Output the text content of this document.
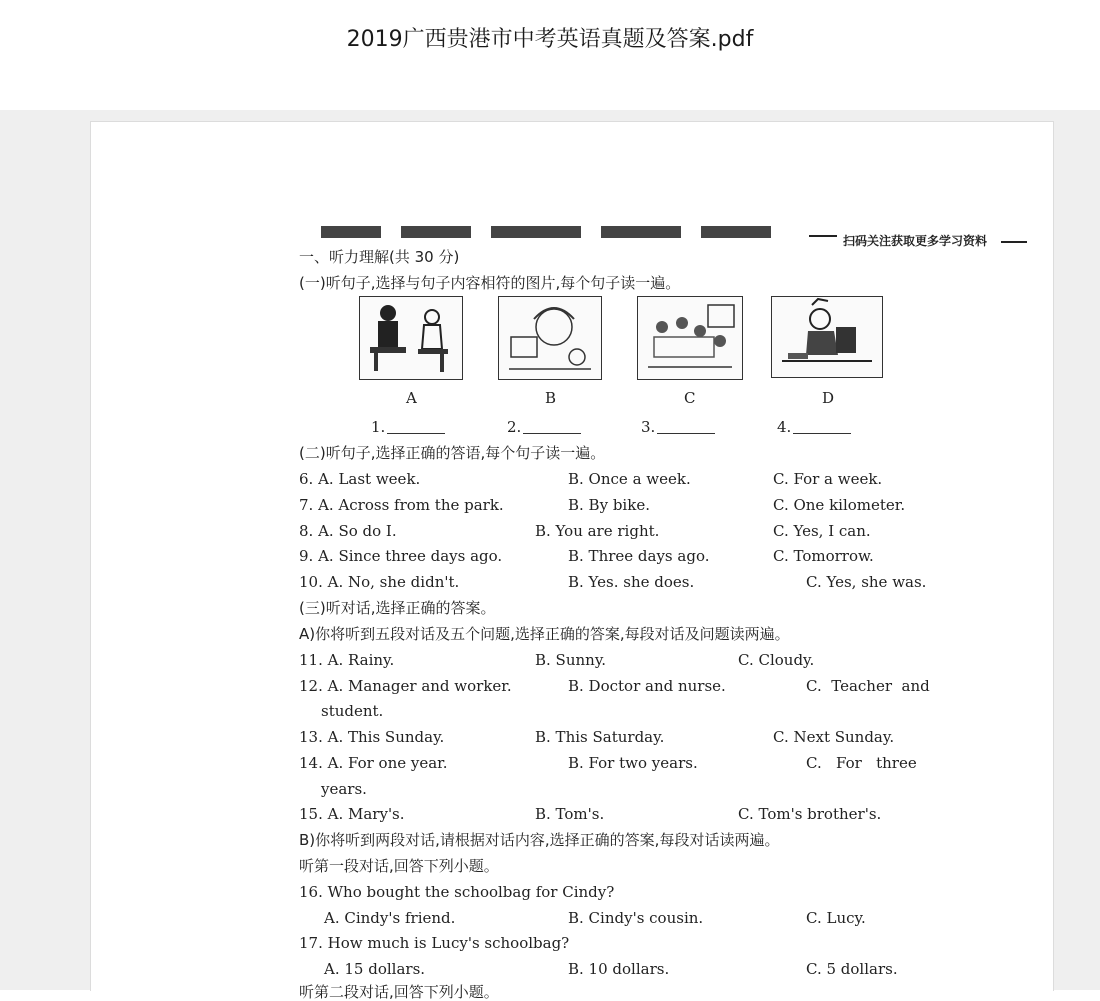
2019广西贵港市中考英语真题及答案.pdf
扫码关注获取更多学习资料
一、听力理解(共 30 分)
(一)听句子,选择与句子内容相符的图片,每个句子读一遍。
A	B	C	D
1.	2.	3.	4.
(二)听句子,选择正确的答语,每个句子读一遍。
6. A. Last week.	B. Once a week.	C. For a week.
7. A. Across from the park.	B. By bike.	C. One kilometer.
8. A. So do I.	B. You are right.	C. Yes, I can.
9. A. Since three days ago.	B. Three days ago.	C. Tomorrow.
10. A. No, she didn't.	B. Yes. she does.	C. Yes, she was.
(三)听对话,选择正确的答案。
A)你将听到五段对话及五个问题,选择正确的答案,每段对话及问题读两遍。
11. A. Rainy.	B. Sunny.	C. Cloudy.
12. A. Manager and worker.	B. Doctor and nurse.	C.  Teacher  and
student.
13. A. This Sunday.	B. This Saturday.	C. Next Sunday.
14. A. For one year.	B. For two years.	C.   For   three
years.
15. A. Mary's.	B. Tom's.	C. Tom's brother's.
B)你将听到两段对话,请根据对话内容,选择正确的答案,每段对话读两遍。
听第一段对话,回答下列小题。
16. Who bought the schoolbag for Cindy?
A. Cindy's friend.	B. Cindy's cousin.	C. Lucy.
17. How much is Lucy's schoolbag?
A. 15 dollars.	B. 10 dollars.	C. 5 dollars.
听第二段对话,回答下列小题。
